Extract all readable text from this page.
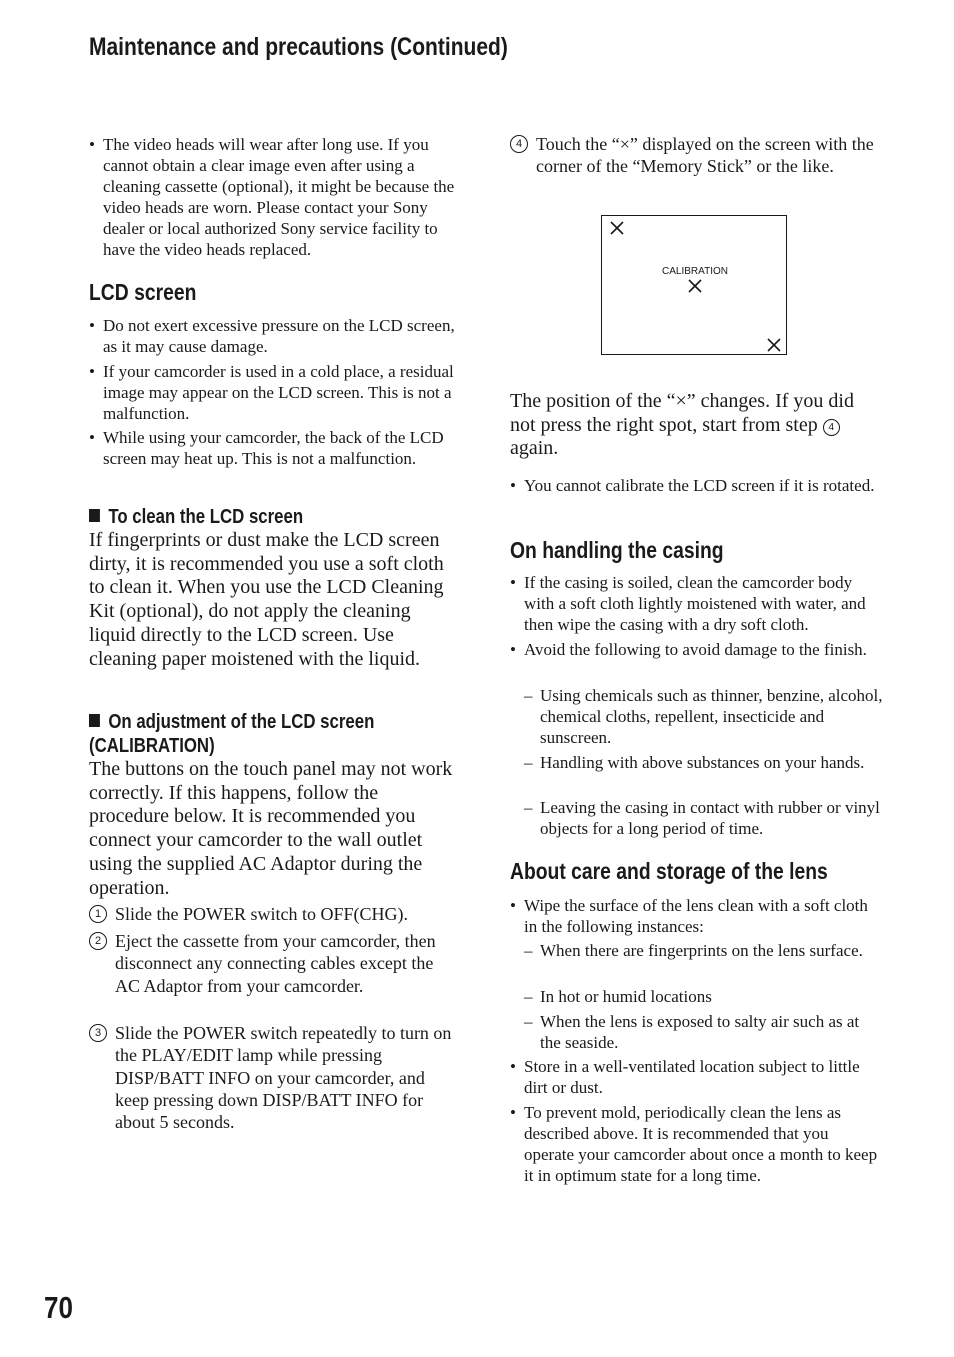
Maintenance and precautions (Continued)
• The video heads will wear after long use. If you cannot obtain a clear image even after using a cleaning cassette (optional), it might be because the video heads are worn. Please contact your Sony dealer or local authorized Sony service facility to have the video heads replaced.
LCD screen
• Do not exert excessive pressure on the LCD screen, as it may cause damage.
• If your camcorder is used in a cold place, a residual image may appear on the LCD screen. This is not a malfunction.
• While using your camcorder, the back of the LCD screen may heat up. This is not a malfunction.
To clean the LCD screen
If fingerprints or dust make the LCD screen dirty, it is recommended you use a soft cloth to clean it. When you use the LCD Cleaning Kit (optional), do not apply the cleaning liquid directly to the LCD screen. Use cleaning paper moistened with the liquid.
On adjustment of the LCD screen
(CALIBRATION)
The buttons on the touch panel may not work correctly. If this happens, follow the procedure below. It is recommended you connect your camcorder to the wall outlet using the supplied AC Adaptor during the operation.
1 Slide the POWER switch to OFF(CHG).
2 Eject the cassette from your camcorder, then disconnect any connecting cables except the AC Adaptor from your camcorder.
3 Slide the POWER switch repeatedly to turn on the PLAY/EDIT lamp while pressing DISP/BATT INFO on your camcorder, and keep pressing down DISP/BATT INFO for about 5 seconds.
4 Touch the “×” displayed on the screen with the corner of the “Memory Stick” or the like.
CALIBRATION
The position of the “×” changes. If you did not press the right spot, start from step 4 again.
• You cannot calibrate the LCD screen if it is rotated.
On handling the casing
• If the casing is soiled, clean the camcorder body with a soft cloth lightly moistened with water, and then wipe the casing with a dry soft cloth.
• Avoid the following to avoid damage to the finish.
– Using chemicals such as thinner, benzine, alcohol, chemical cloths, repellent, insecticide and sunscreen.
– Handling with above substances on your hands.
– Leaving the casing in contact with rubber or vinyl objects for a long period of time.
About care and storage of the lens
• Wipe the surface of the lens clean with a soft cloth in the following instances:
– When there are fingerprints on the lens surface.
– In hot or humid locations
– When the lens is exposed to salty air such as at the seaside.
• Store in a well-ventilated location subject to little dirt or dust.
• To prevent mold, periodically clean the lens as described above. It is recommended that you operate your camcorder about once a month to keep it in optimum state for a long time.
70
